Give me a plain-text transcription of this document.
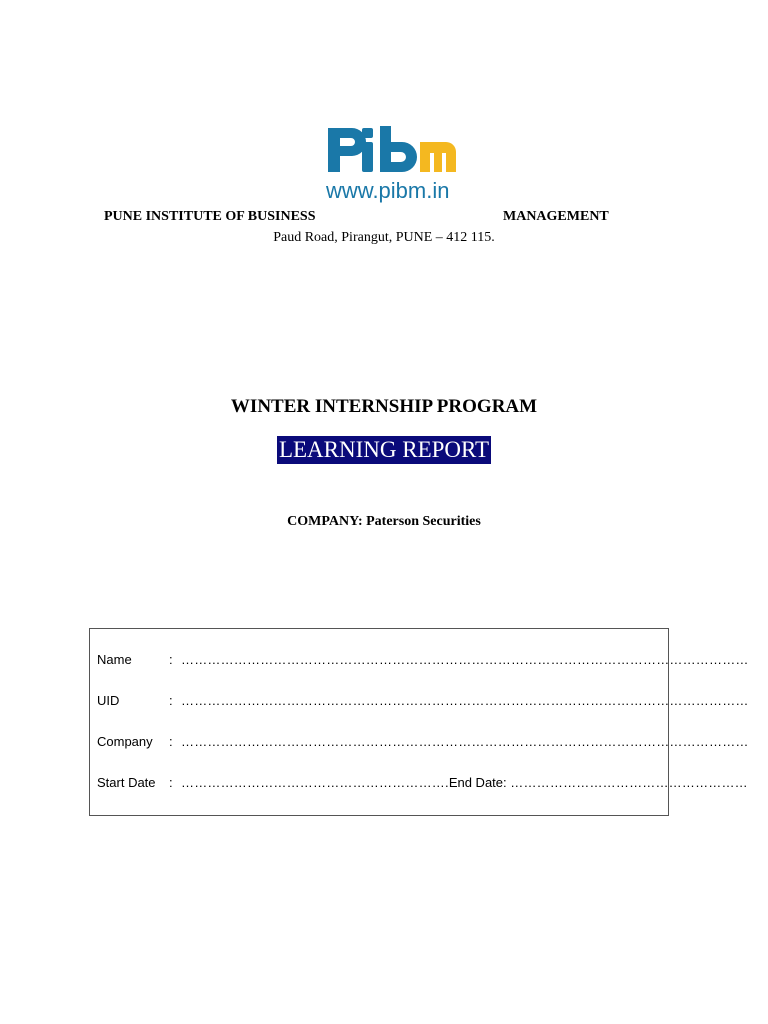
www.pibm.in
PUNE INSTITUTE OF BUSINESS	MANAGEMENT
Paud Road, Pirangut, PUNE – 412 115.
WINTER INTERNSHIP PROGRAM
LEARNING REPORT
COMPANY: Paterson Securities
Name	: …………………………………………………………………………………………………………………
UID	: …………………………………………………………………………………………………………………
Company : …………………………………………………………………………………………………………………
Start Date : …………………………………………………….End Date: ………………………………………………
